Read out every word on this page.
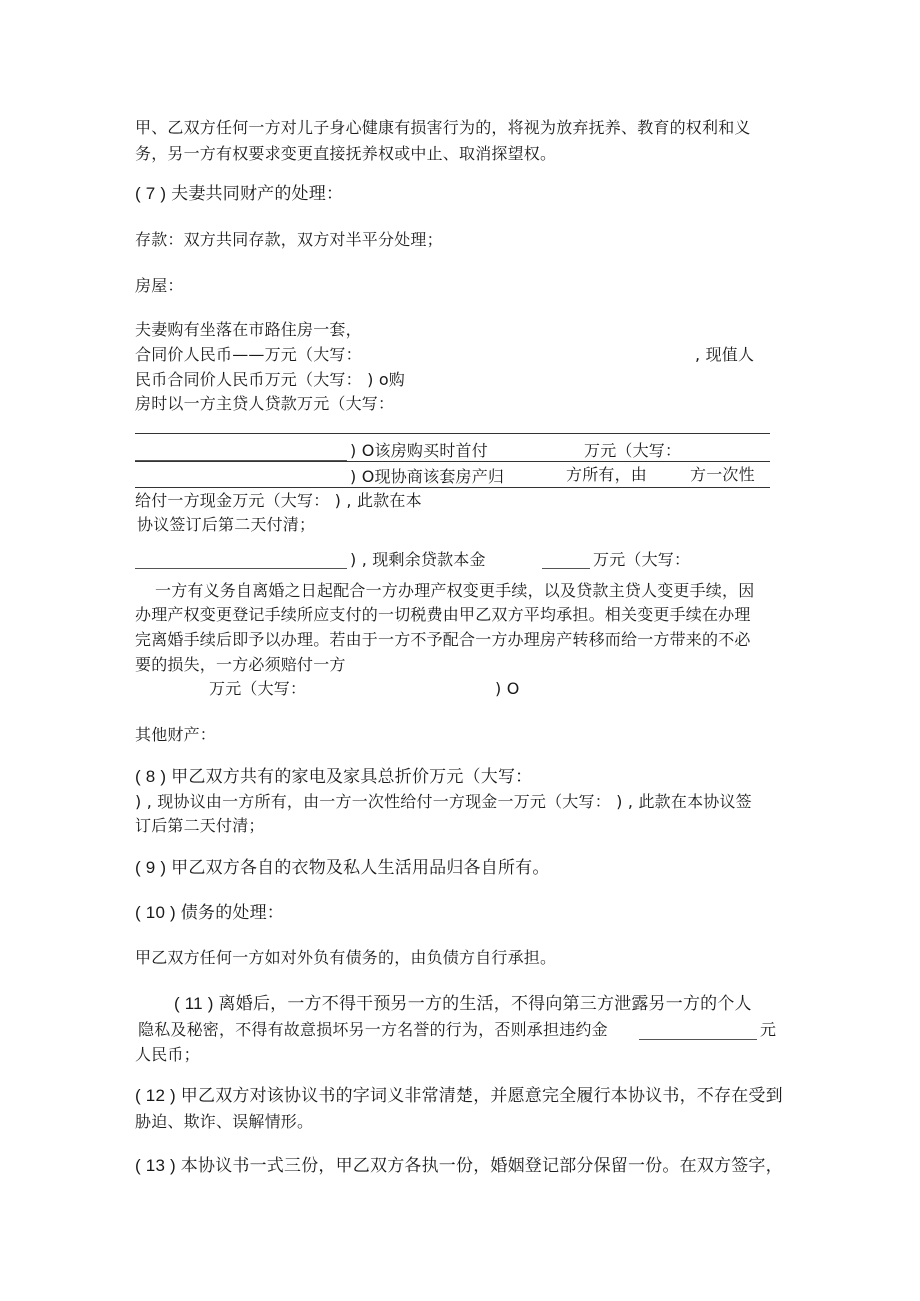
甲、乙双方任何一方对儿子身心健康有损害行为的，将视为放弃抚养、教育的权利和义
务，另一方有权要求变更直接抚养权或中止、取消探望权。
( 7 ) 夫妻共同财产的处理：
存款：双方共同存款，双方对半平分处理；
房屋：
夫妻购有坐落在市路住房一套，
合同价人民币——万元（大写：	, 现值人
民币合同价人民币万元（大写： ) o购
房时以一方主贷人贷款万元（大写：
) O该房购买时首付	万元（大写：
) O现协商该套房产归	方所有，由	方一次性
给付一方现金万元（大写： ) , 此款在本
协议签订后第二天付清；
) , 现剩余贷款本金	万元（大写：
一方有义务自离婚之日起配合一方办理产权变更手续，以及贷款主贷人变更手续，因
办理产权变更登记手续所应支付的一切税费由甲乙双方平均承担。相关变更手续在办理
完离婚手续后即予以办理。若由于一方不予配合一方办理房产转移而给一方带来的不必
要的损失，一方必须赔付一方
万元（大写：	) O
其他财产：
( 8 ) 甲乙双方共有的家电及家具总折价万元（大写：
) , 现协议由一方所有，由一方一次性给付一方现金一万元（大写： ) , 此款在本协议签
订后第二天付清；
( 9 ) 甲乙双方各自的衣物及私人生活用品归各自所有。
( 10 ) 债务的处理：
甲乙双方任何一方如对外负有债务的，由负债方自行承担。
( 11 ) 离婚后，一方不得干预另一方的生活，不得向第三方泄露另一方的个人
隐私及秘密，不得有故意损坏另一方名誉的行为，否则承担违约金	元
人民币；
( 12 ) 甲乙双方对该协议书的字词义非常清楚，并愿意完全履行本协议书，不存在受到
胁迫、欺诈、误解情形。
( 13 ) 本协议书一式三份，甲乙双方各执一份，婚姻登记部分保留一份。在双方签字，
